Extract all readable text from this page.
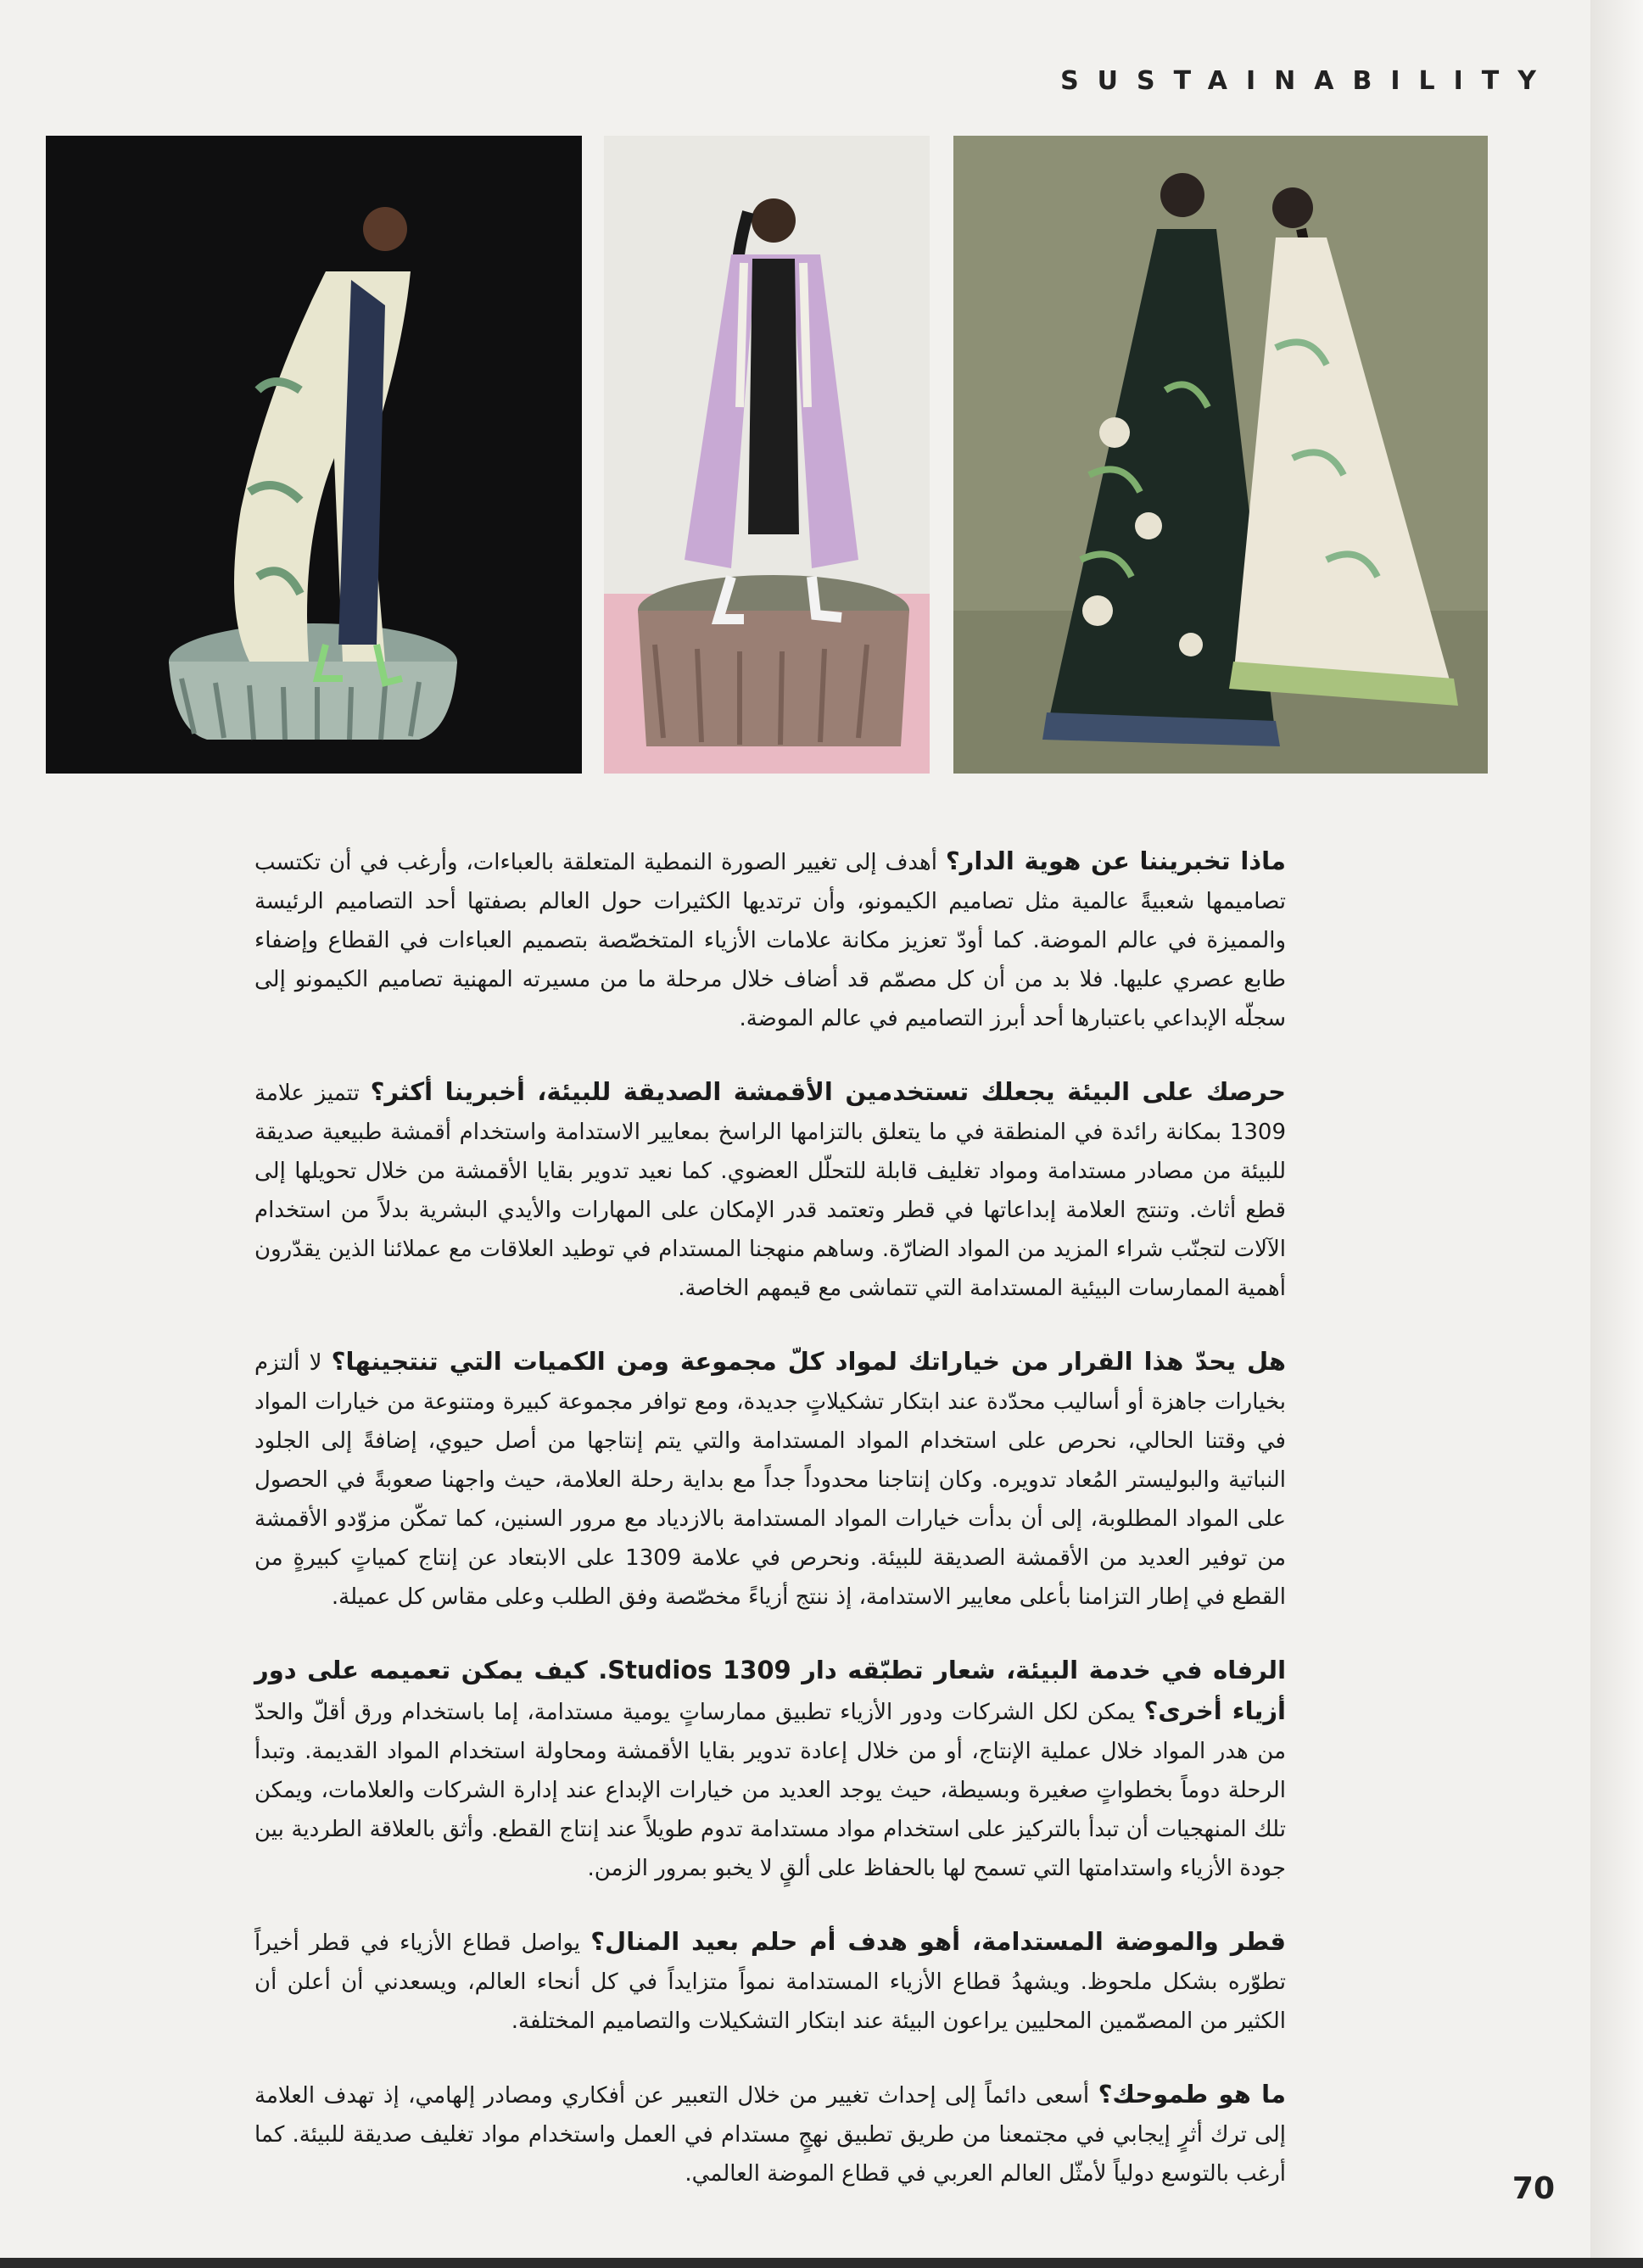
SUSTAINABILITY

ماذا تخبريننا عن هوية الدار؟ أهدف إلى تغيير الصورة النمطية المتعلقة بالعباءات، وأرغب في أن تكتسب تصاميمها شعبيةً عالمية مثل تصاميم الكيمونو، وأن ترتديها الكثيرات حول العالم بصفتها أحد التصاميم الرئيسة والمميزة في عالم الموضة. كما أودّ تعزيز مكانة علامات الأزياء المتخصّصة بتصميم العباءات في القطاع وإضفاء طابع عصري عليها. فلا بد من أن كل مصمّم قد أضاف خلال مرحلة ما من مسيرته المهنية تصاميم الكيمونو إلى سجلّه الإبداعي باعتبارها أحد أبرز التصاميم في عالم الموضة.

حرصك على البيئة يجعلك تستخدمين الأقمشة الصديقة للبيئة، أخبرينا أكثر؟ تتميز علامة 1309 بمكانة رائدة في المنطقة في ما يتعلق بالتزامها الراسخ بمعايير الاستدامة واستخدام أقمشة طبيعية صديقة للبيئة من مصادر مستدامة ومواد تغليف قابلة للتحلّل العضوي. كما نعيد تدوير بقايا الأقمشة من خلال تحويلها إلى قطع أثاث. وتنتج العلامة إبداعاتها في قطر وتعتمد قدر الإمكان على المهارات والأيدي البشرية بدلاً من استخدام الآلات لتجنّب شراء المزيد من المواد الضارّة. وساهم منهجنا المستدام في توطيد العلاقات مع عملائنا الذين يقدّرون أهمية الممارسات البيئية المستدامة التي تتماشى مع قيمهم الخاصة.

هل يحدّ هذا القرار من خياراتك لمواد كلّ مجموعة ومن الكميات التي تنتجينها؟ لا ألتزم بخيارات جاهزة أو أساليب محدّدة عند ابتكار تشكيلاتٍ جديدة، ومع توافر مجموعة كبيرة ومتنوعة من خيارات المواد في وقتنا الحالي، نحرص على استخدام المواد المستدامة والتي يتم إنتاجها من أصل حيوي، إضافةً إلى الجلود النباتية والبوليستر المُعاد تدويره. وكان إنتاجنا محدوداً جداً مع بداية رحلة العلامة، حيث واجهنا صعوبةً في الحصول على المواد المطلوبة، إلى أن بدأت خيارات المواد المستدامة بالازدياد مع مرور السنين، كما تمكّن مزوّدو الأقمشة من توفير العديد من الأقمشة الصديقة للبيئة. ونحرص في علامة 1309 على الابتعاد عن إنتاج كمياتٍ كبيرةٍ من القطع في إطار التزامنا بأعلى معايير الاستدامة، إذ ننتج أزياءً مخصّصة وفق الطلب وعلى مقاس كل عميلة.

الرفاه في خدمة البيئة، شعار تطبّقه دار 1309 Studios. كيف يمكن تعميمه على دور أزياء أخرى؟ يمكن لكل الشركات ودور الأزياء تطبيق ممارساتٍ يومية مستدامة، إما باستخدام ورق أقلّ والحدّ من هدر المواد خلال عملية الإنتاج، أو من خلال إعادة تدوير بقايا الأقمشة ومحاولة استخدام المواد القديمة. وتبدأ الرحلة دوماً بخطواتٍ صغيرة وبسيطة، حيث يوجد العديد من خيارات الإبداع عند إدارة الشركات والعلامات، ويمكن تلك المنهجيات أن تبدأ بالتركيز على استخدام مواد مستدامة تدوم طويلاً عند إنتاج القطع. وأثق بالعلاقة الطردية بين جودة الأزياء واستدامتها التي تسمح لها بالحفاظ على ألقٍ لا يخبو بمرور الزمن.

قطر والموضة المستدامة، أهو هدف أم حلم بعيد المنال؟ يواصل قطاع الأزياء في قطر أخيراً تطوّره بشكل ملحوظ. ويشهدُ قطاع الأزياء المستدامة نمواً متزايداً في كل أنحاء العالم، ويسعدني أن أعلن أن الكثير من المصمّمين المحليين يراعون البيئة عند ابتكار التشكيلات والتصاميم المختلفة.

ما هو طموحك؟ أسعى دائماً إلى إحداث تغيير من خلال التعبير عن أفكاري ومصادر إلهامي، إذ تهدف العلامة إلى ترك أثرٍ إيجابي في مجتمعنا من طريق تطبيق نهجٍ مستدام في العمل واستخدام مواد تغليف صديقة للبيئة. كما أرغب بالتوسع دولياً لأمثّل العالم العربي في قطاع الموضة العالمي.	70
